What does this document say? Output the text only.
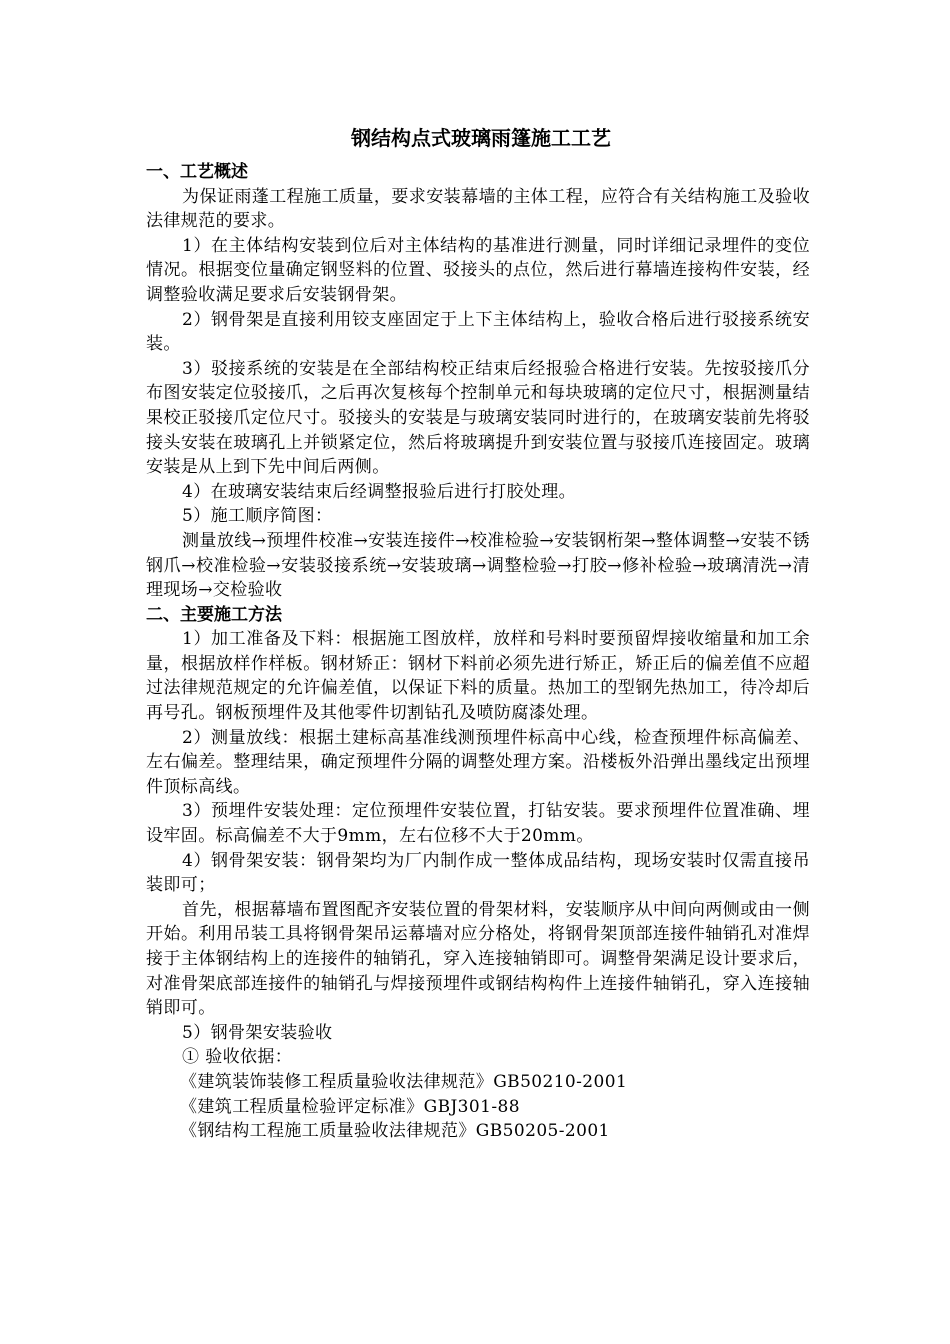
钢结构点式玻璃雨篷施工工艺
一、工艺概述

为保证雨蓬工程施工质量，要求安装幕墙的主体工程，应符合有关结构施工及验收法律规范的要求。

1）在主体结构安装到位后对主体结构的基准进行测量，同时详细记录埋件的变位情况。根据变位量确定钢竖料的位置、驳接头的点位，然后进行幕墙连接构件安装，经调整验收满足要求后安装钢骨架。

2）钢骨架是直接利用铰支座固定于上下主体结构上，验收合格后进行驳接系统安装。

3）驳接系统的安装是在全部结构校正结束后经报验合格进行安装。先按驳接爪分布图安装定位驳接爪，之后再次复核每个控制单元和每块玻璃的定位尺寸，根据测量结果校正驳接爪定位尺寸。驳接头的安装是与玻璃安装同时进行的，在玻璃安装前先将驳接头安装在玻璃孔上并锁紧定位，然后将玻璃提升到安装位置与驳接爪连接固定。玻璃安装是从上到下先中间后两侧。

4）在玻璃安装结束后经调整报验后进行打胶处理。

5）施工顺序简图：

测量放线→预埋件校准→安装连接件→校准检验→安装钢桁架→整体调整→安装不锈钢爪→校准检验→安装驳接系统→安装玻璃→调整检验→打胶→修补检验→玻璃清洗→清理现场→交检验收

二、主要施工方法

1）加工准备及下料：根据施工图放样，放样和号料时要预留焊接收缩量和加工余量，根据放样作样板。钢材矫正：钢材下料前必须先进行矫正，矫正后的偏差值不应超过法律规范规定的允许偏差值，以保证下料的质量。热加工的型钢先热加工，待冷却后再号孔。钢板预埋件及其他零件切割钻孔及喷防腐漆处理。

2）测量放线：根据土建标高基准线测预埋件标高中心线，检查预埋件标高偏差、左右偏差。整理结果，确定预埋件分隔的调整处理方案。沿楼板外沿弹出墨线定出预埋件顶标高线。

3）预埋件安装处理：定位预埋件安装位置，打钻安装。要求预埋件位置准确、埋设牢固。标高偏差不大于9mm，左右位移不大于20mm。

4）钢骨架安装：钢骨架均为厂内制作成一整体成品结构，现场安装时仅需直接吊装即可；

首先，根据幕墙布置图配齐安装位置的骨架材料，安装顺序从中间向两侧或由一侧开始。利用吊装工具将钢骨架吊运幕墙对应分格处，将钢骨架顶部连接件轴销孔对准焊接于主体钢结构上的连接件的轴销孔，穿入连接轴销即可。调整骨架满足设计要求后，对准骨架底部连接件的轴销孔与焊接预埋件或钢结构构件上连接件轴销孔，穿入连接轴销即可。

5）钢骨架安装验收

① 验收依据：

《建筑装饰装修工程质量验收法律规范》GB50210-2001

《建筑工程质量检验评定标准》GBJ301-88

《钢结构工程施工质量验收法律规范》GB50205-2001
